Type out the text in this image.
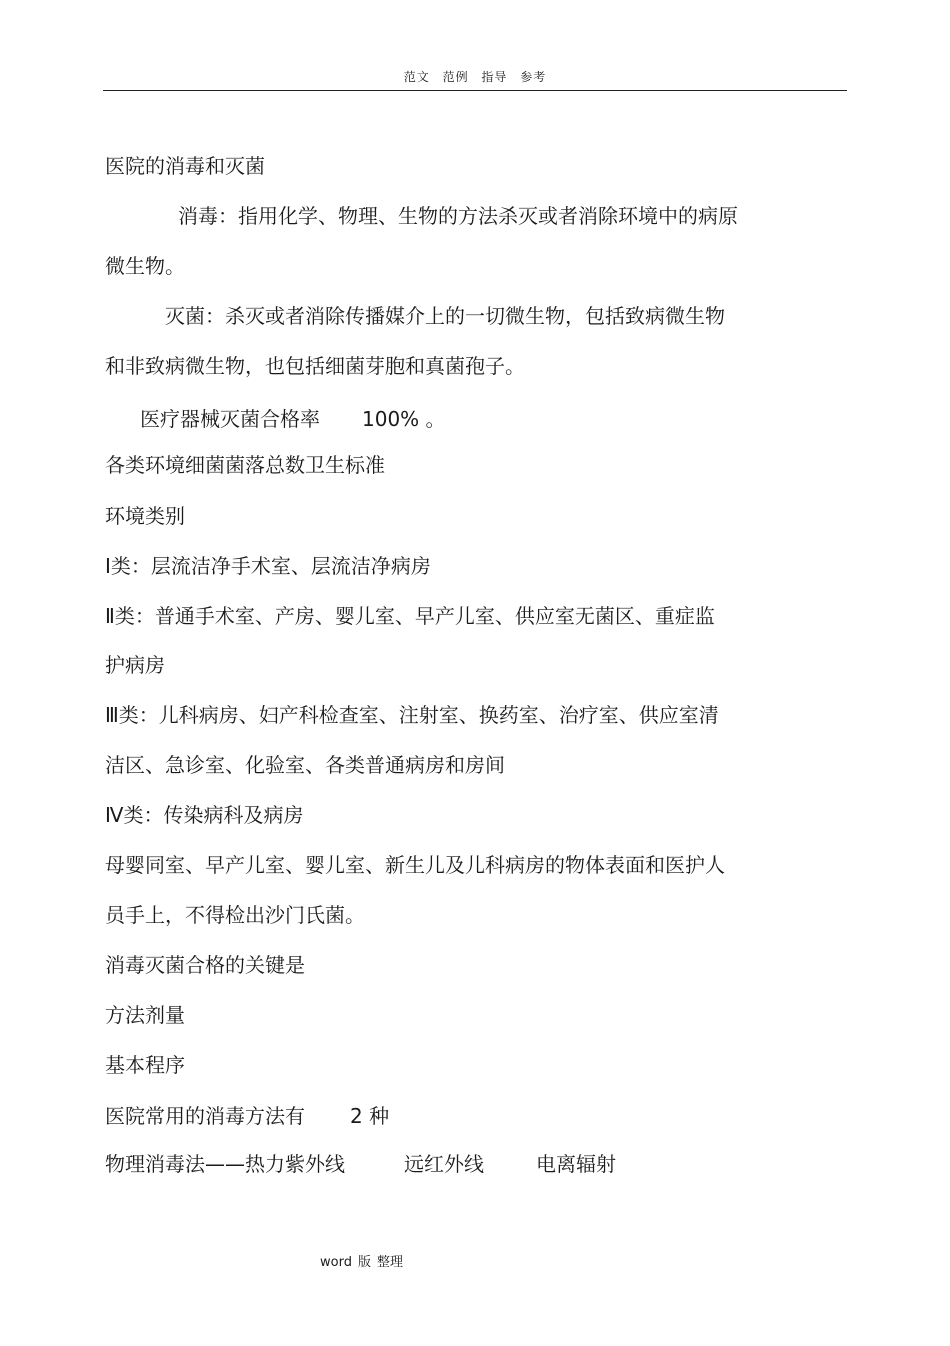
范文 范例 指导 参考
医院的消毒和灭菌
消毒：指用化学、物理、生物的方法杀灭或者消除环境中的病原
微生物。
灭菌：杀灭或者消除传播媒介上的一切微生物，包括致病微生物
和非致病微生物，也包括细菌芽胞和真菌孢子。
医疗器械灭菌合格率 100% 。
各类环境细菌菌落总数卫生标准
环境类别
Ⅰ类：层流洁净手术室、层流洁净病房
Ⅱ类：普通手术室、产房、婴儿室、早产儿室、供应室无菌区、重症监
护病房
Ⅲ类：儿科病房、妇产科检查室、注射室、换药室、治疗室、供应室清
洁区、急诊室、化验室、各类普通病房和房间
Ⅳ类：传染病科及病房
母婴同室、早产儿室、婴儿室、新生儿及儿科病房的物体表面和医护人
员手上，不得检出沙门氏菌。
消毒灭菌合格的关键是
方法剂量
基本程序
医院常用的消毒方法有 2 种
物理消毒法——热力紫外线	远红外线	电离辐射
word 版 整理
